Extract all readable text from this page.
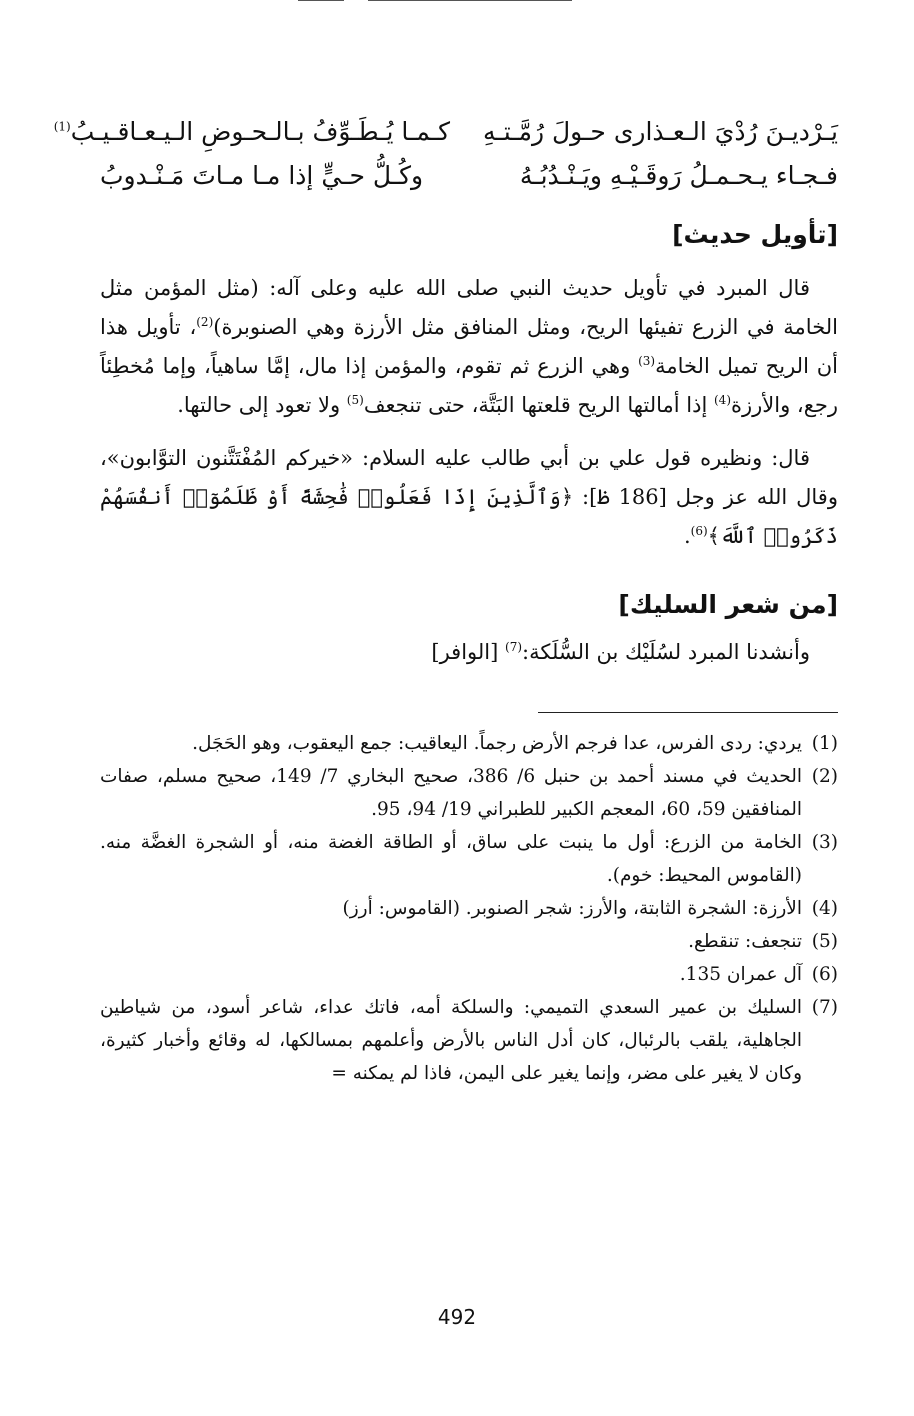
يَـرْديـنَ رُدْيَ الـعـذارى حـولَ رُمَّـتـهِ
كـمـا يُـطَـوِّفُ بـالـحـوضِ الـيـعـاقـيـبُ$^{(1)}$
فـجـاء يـحـمـلُ رَوقَـيْـهِ ويَـنْـدُبُـهُ
وكُـلُّ حـيٍّ إذا مـا مـاتَ مَـنْـدوبُ
[تأويل حديث]

قال المبرد في تأويل حديث النبي صلى الله عليه وعلى آله: (مثل المؤمن مثل الخامة في الزرع تفيئها الريح، ومثل المنافق مثل الأرزة وهي الصنوبرة)$^{(2)}$، تأويل هذا أن الريح تميل الخامة$^{(3)}$ وهي الزرع ثم تقوم، والمؤمن إذا مال، إمَّا ساهياً، وإما مُخطِئاً رجع، والأرزة$^{(4)}$ إذا أمالتها الريح قلعتها البَتَّة، حتى تنجعف$^{(5)}$ ولا تعود إلى حالتها.

قال: ونظيره قول علي بن أبي طالب عليه السلام: «خيركم المُفْتَتَّنون التوَّابون»، وقال الله عز وجل [186 ظ]: ﴿وَٱلَّذِينَ إِذَا فَعَلُوا۟ فَٰحِشَةً أَوْ ظَلَمُوٓا۟ أَنفُسَهُمْ ذَكَرُوا۟ ٱللَّهَ﴾$^{(6)}$.

[من شعر السليك]

وأنشدنا المبرد لسُلَيْك بن السُّلَكة:$^{(7)}$ [الوافر]

(1)
يردي: ردى الفرس، عدا فرجم الأرض رجماً. اليعاقيب: جمع اليعقوب، وهو الحَجَل.
(2)
الحديث في مسند أحمد بن حنبل 6/ 386، صحيح البخاري 7/ 149، صحيح مسلم، صفات المنافقين 59، 60، المعجم الكبير للطبراني 19/ 94، 95.
(3)
الخامة من الزرع: أول ما ينبت على ساق، أو الطاقة الغضة منه، أو الشجرة الغضَّة منه. (القاموس المحيط: خوم).
(4)
الأرزة: الشجرة الثابتة، والأرز: شجر الصنوبر. (القاموس: أرز)
(5)
تنجعف: تنقطع.
(6)
آل عمران 135.
(7)
السليك بن عمير السعدي التميمي: والسلكة أمه، فاتك عداء، شاعر أسود، من شياطين الجاهلية، يلقب بالرئبال، كان أدل الناس بالأرض وأعلمهم بمسالكها، له وقائع وأخبار كثيرة، وكان لا يغير على مضر، وإنما يغير على اليمن، فاذا لم يمكنه =
492
